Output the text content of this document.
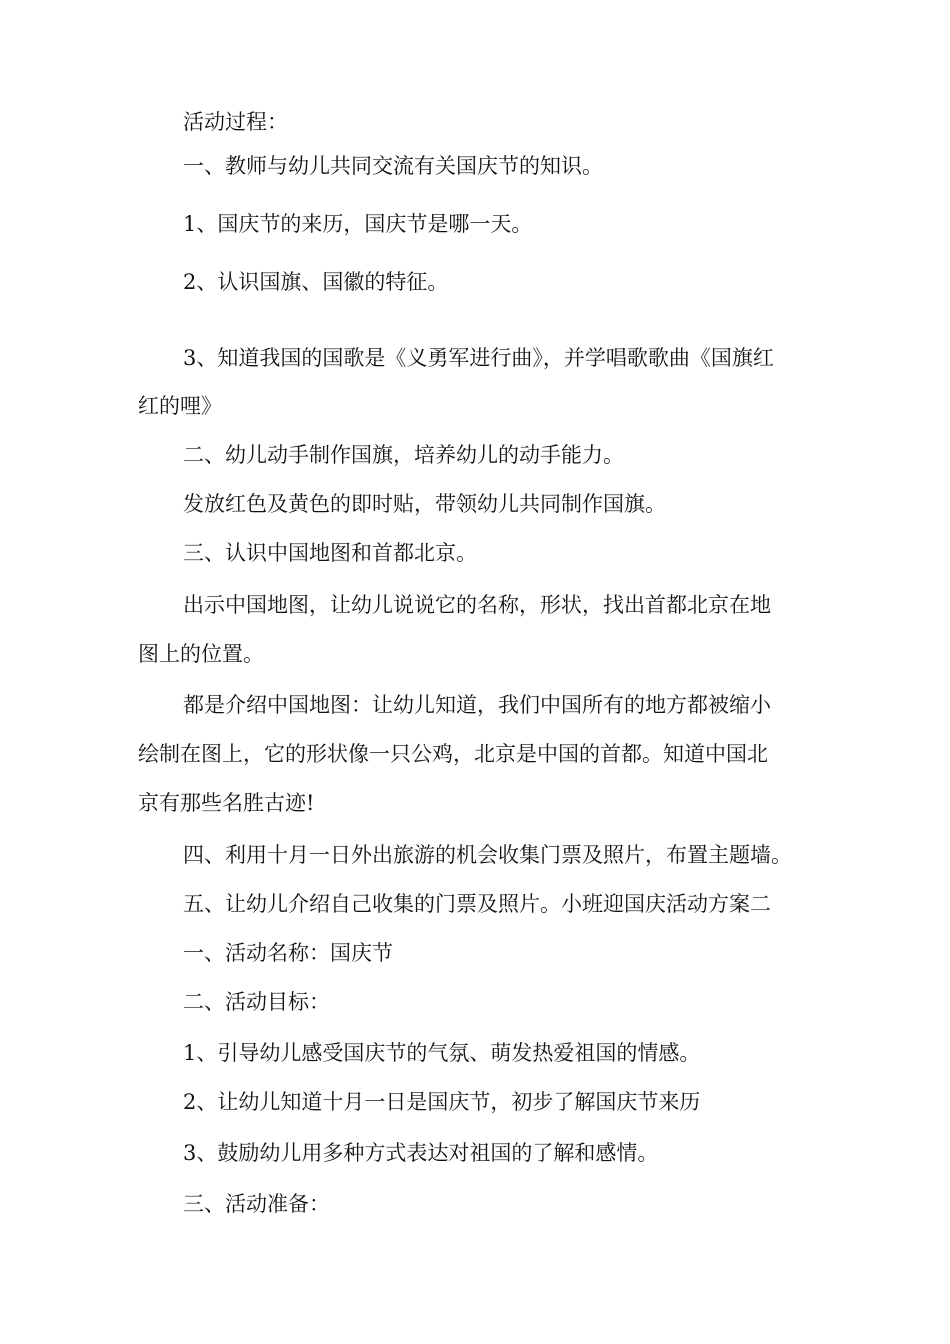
活动过程：

一、教师与幼儿共同交流有关国庆节的知识。

1、国庆节的来历，国庆节是哪一天。

2、认识国旗、国徽的特征。

3、知道我国的国歌是《义勇军进行曲》，并学唱歌歌曲《国旗红

红的哩》

二、幼儿动手制作国旗，培养幼儿的动手能力。

发放红色及黄色的即时贴，带领幼儿共同制作国旗。

三、认识中国地图和首都北京。

出示中国地图，让幼儿说说它的名称，形状，找出首都北京在地

图上的位置。

都是介绍中国地图：让幼儿知道，我们中国所有的地方都被缩小

绘制在图上，它的形状像一只公鸡，北京是中国的首都。知道中国北

京有那些名胜古迹!

四、利用十月一日外出旅游的机会收集门票及照片，布置主题墙。

五、让幼儿介绍自己收集的门票及照片。小班迎国庆活动方案二

一、活动名称：国庆节

二、活动目标：

1、引导幼儿感受国庆节的气氛、萌发热爱祖国的情感。

2、让幼儿知道十月一日是国庆节，初步了解国庆节来历

3、鼓励幼儿用多种方式表达对祖国的了解和感情。

三、活动准备：
